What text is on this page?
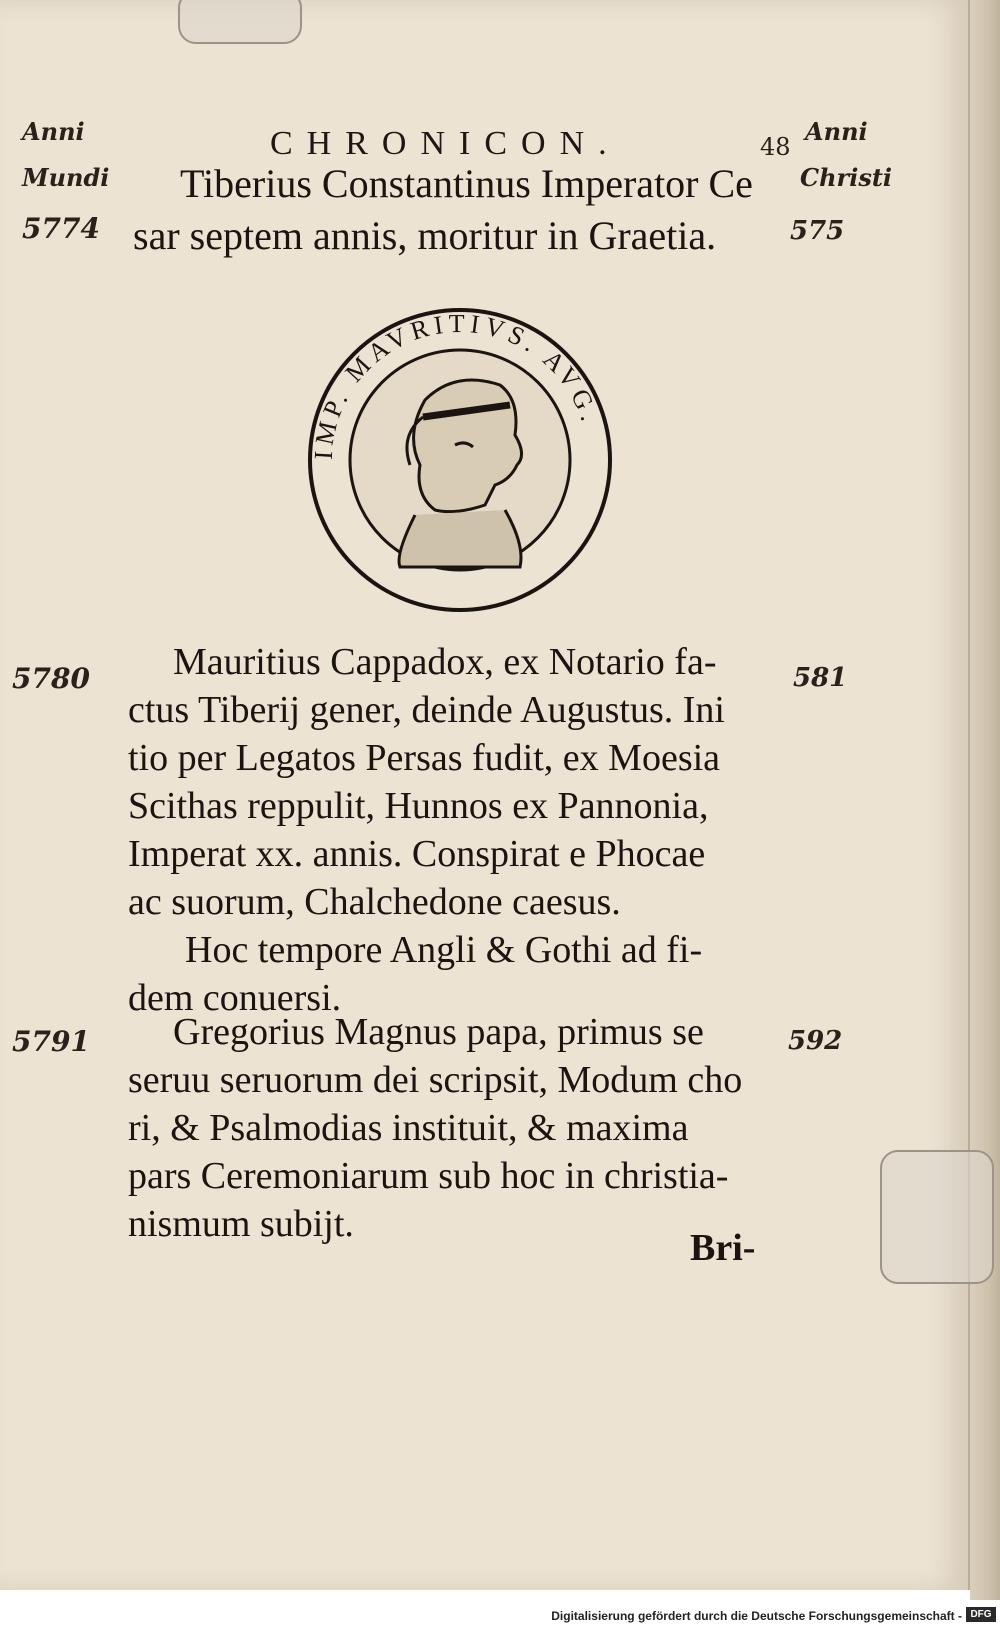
Anni
Mundi
5774
CHRONICON.	48
Anni
Christi
575
Tiberius Constantinus Imperator Ce
sar septem annis, moritur in Graetia.
IMP. MAVRITIVS. AVG.
5780	581
Mauritius Cappadox, ex Notario fa-
ctus Tiberij gener, deinde Augustus. Ini
tio per Legatos Persas fudit, ex Moesia
Scithas reppulit, Hunnos ex Pannonia,
Imperat xx. annis. Conspirat e Phocae
ac suorum, Chalchedone caesus.
Hoc tempore Angli & Gothi ad fi-
dem conuersi.
5791	592
Gregorius Magnus papa, primus se
seruu seruorum dei scripsit, Modum cho
ri, & Psalmodias instituit, & maxima
pars Ceremoniarum sub hoc in christia-
nismum subijt.
Bri-
Digitalisierung gefördert durch die Deutsche Forschungsgemeinschaft - DFG
